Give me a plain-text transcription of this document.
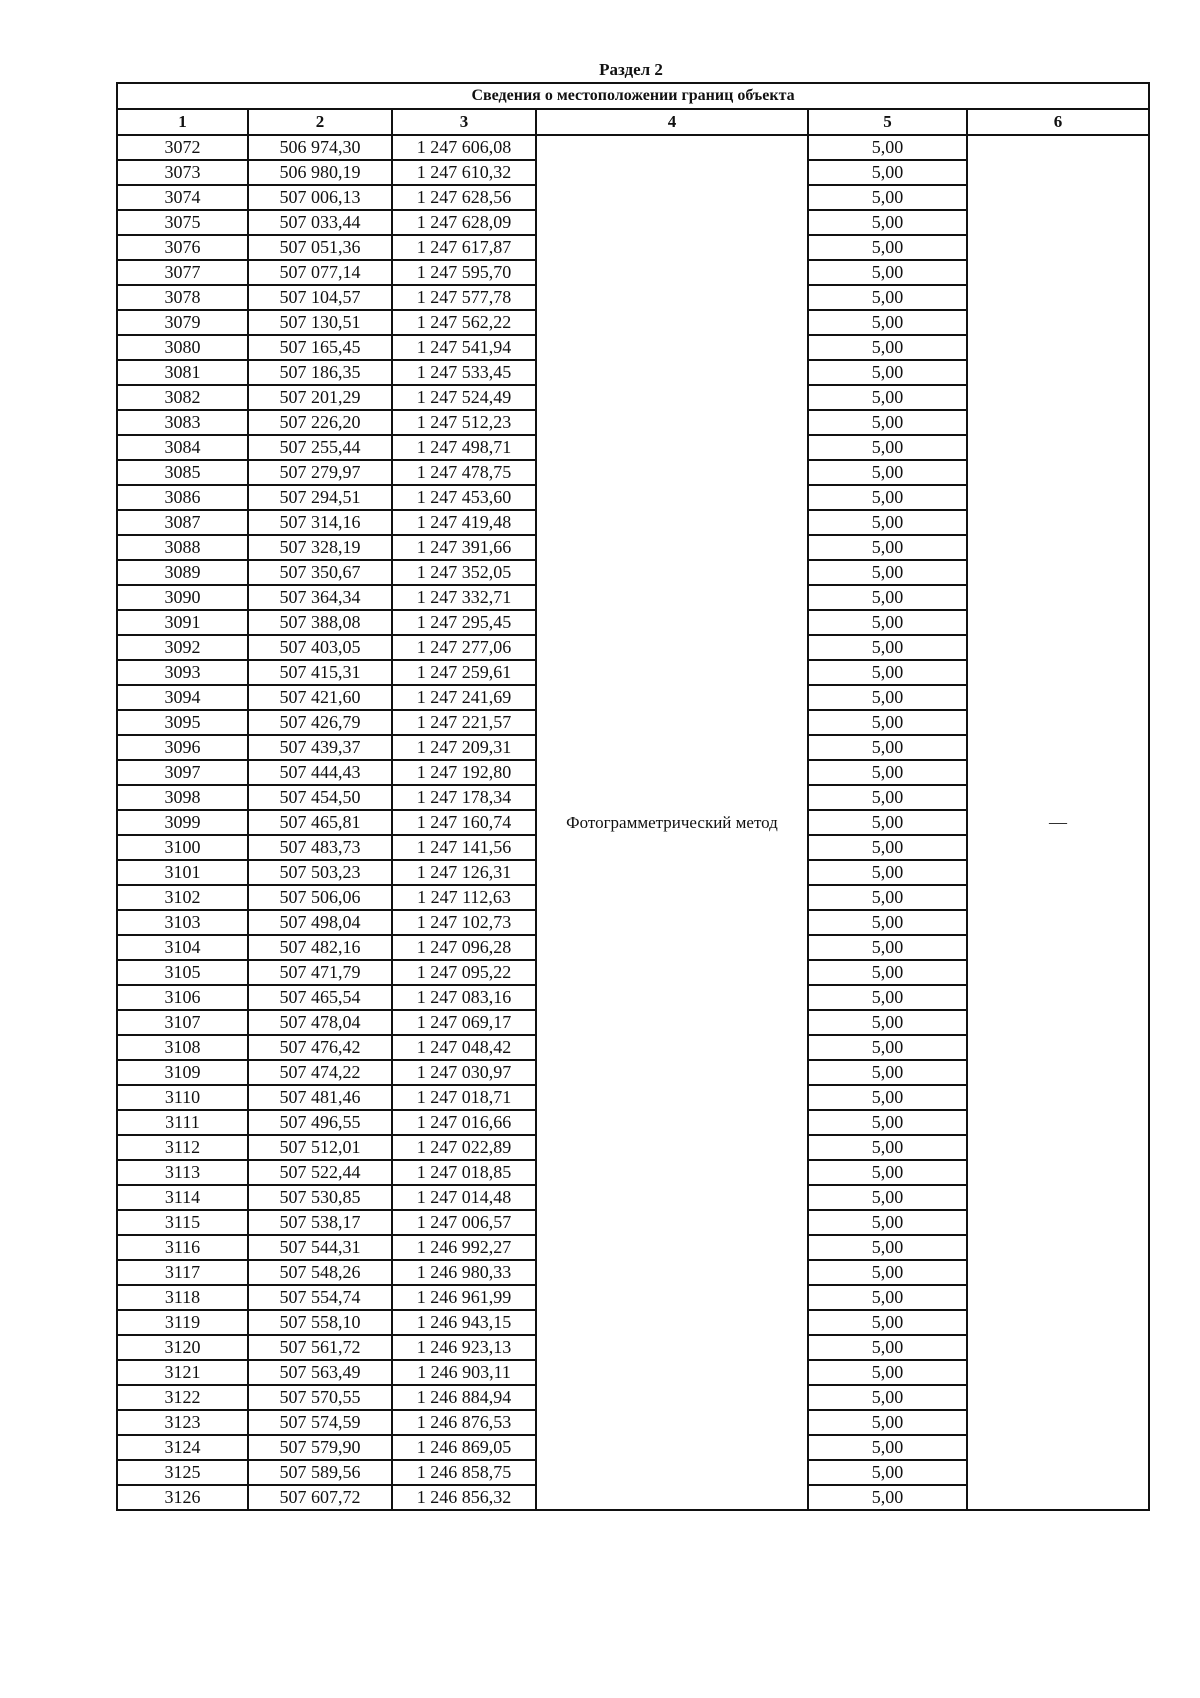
Раздел 2
Сведения о местоположении границ объекта					
1	2	3	4	5	6
3072	506 974,30	1 247 606,08	Фотограмметрический метод	5,00	—
3073	506 980,19	1 247 610,32		5,00	
3074	507 006,13	1 247 628,56		5,00	
3075	507 033,44	1 247 628,09		5,00	
3076	507 051,36	1 247 617,87		5,00	
3077	507 077,14	1 247 595,70		5,00	
3078	507 104,57	1 247 577,78		5,00	
3079	507 130,51	1 247 562,22		5,00	
3080	507 165,45	1 247 541,94		5,00	
3081	507 186,35	1 247 533,45		5,00	
3082	507 201,29	1 247 524,49		5,00	
3083	507 226,20	1 247 512,23		5,00	
3084	507 255,44	1 247 498,71		5,00	
3085	507 279,97	1 247 478,75		5,00	
3086	507 294,51	1 247 453,60		5,00	
3087	507 314,16	1 247 419,48		5,00	
3088	507 328,19	1 247 391,66		5,00	
3089	507 350,67	1 247 352,05		5,00	
3090	507 364,34	1 247 332,71		5,00	
3091	507 388,08	1 247 295,45		5,00	
3092	507 403,05	1 247 277,06		5,00	
3093	507 415,31	1 247 259,61		5,00	
3094	507 421,60	1 247 241,69		5,00	
3095	507 426,79	1 247 221,57		5,00	
3096	507 439,37	1 247 209,31		5,00	
3097	507 444,43	1 247 192,80		5,00	
3098	507 454,50	1 247 178,34		5,00	
3099	507 465,81	1 247 160,74		5,00	
3100	507 483,73	1 247 141,56		5,00	
3101	507 503,23	1 247 126,31		5,00	
3102	507 506,06	1 247 112,63		5,00	
3103	507 498,04	1 247 102,73		5,00	
3104	507 482,16	1 247 096,28		5,00	
3105	507 471,79	1 247 095,22		5,00	
3106	507 465,54	1 247 083,16		5,00	
3107	507 478,04	1 247 069,17		5,00	
3108	507 476,42	1 247 048,42		5,00	
3109	507 474,22	1 247 030,97		5,00	
3110	507 481,46	1 247 018,71		5,00	
3111	507 496,55	1 247 016,66		5,00	
3112	507 512,01	1 247 022,89		5,00	
3113	507 522,44	1 247 018,85		5,00	
3114	507 530,85	1 247 014,48		5,00	
3115	507 538,17	1 247 006,57		5,00	
3116	507 544,31	1 246 992,27		5,00	
3117	507 548,26	1 246 980,33		5,00	
3118	507 554,74	1 246 961,99		5,00	
3119	507 558,10	1 246 943,15		5,00	
3120	507 561,72	1 246 923,13		5,00	
3121	507 563,49	1 246 903,11		5,00	
3122	507 570,55	1 246 884,94		5,00	
3123	507 574,59	1 246 876,53		5,00	
3124	507 579,90	1 246 869,05		5,00	
3125	507 589,56	1 246 858,75		5,00	
3126	507 607,72	1 246 856,32		5,00	
